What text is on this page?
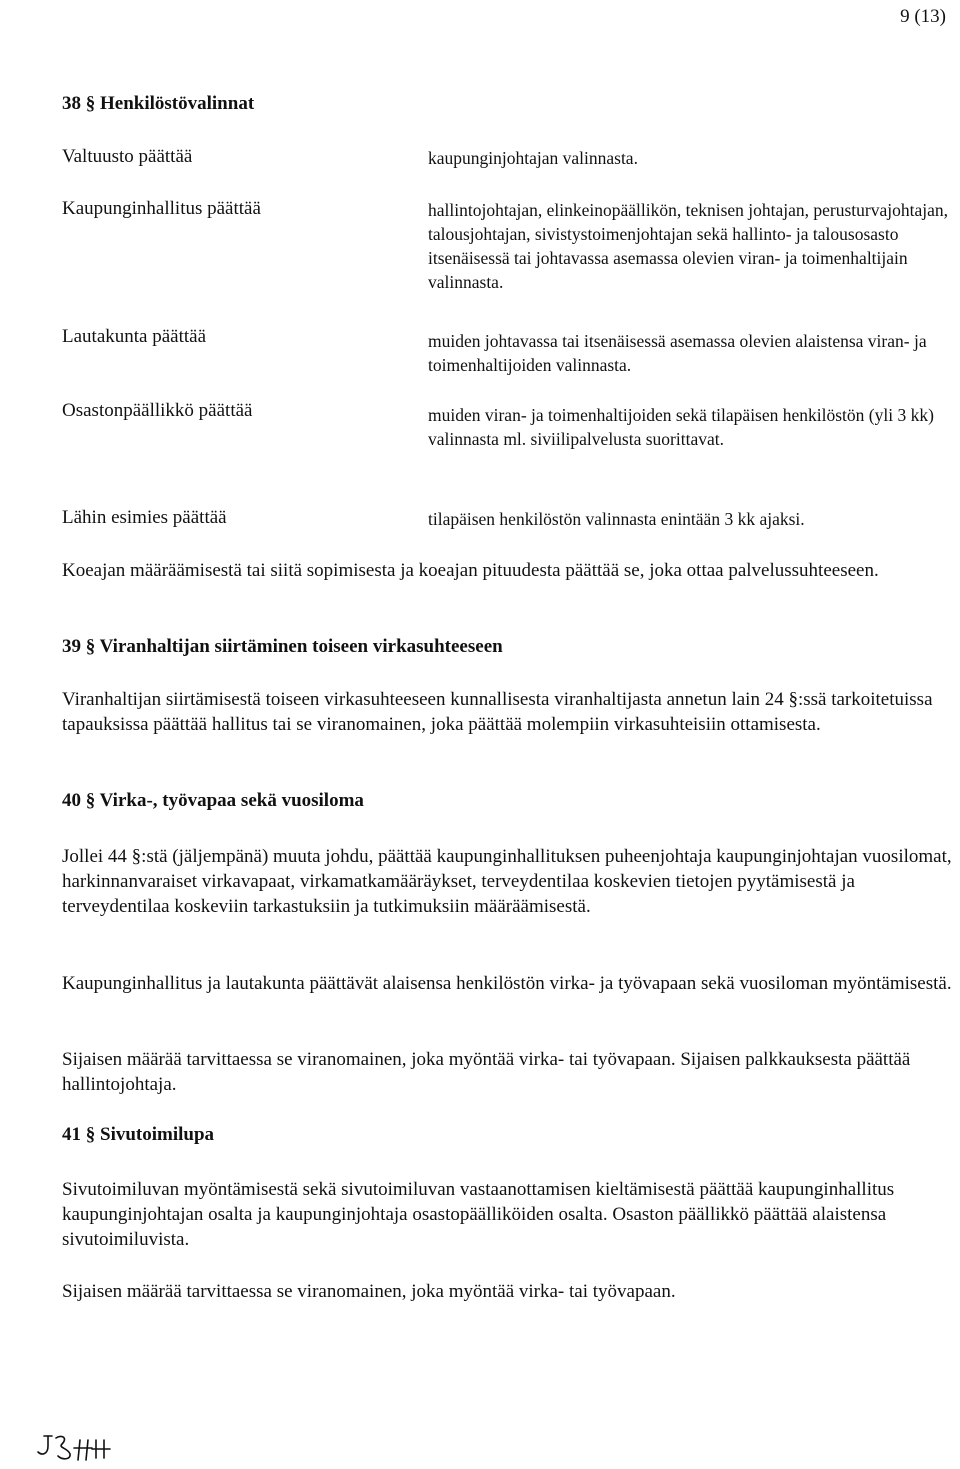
9 (13)
38 § Henkilöstövalinnat
Valtuusto päättää	kaupunginjohtajan valinnasta.
Kaupunginhallitus päättää	hallintojohtajan, elinkeinopäällikön, teknisen johtajan, perusturvajohtajan, talousjohtajan, sivistystoimenjohtajan sekä hallinto- ja talousosasto itsenäisessä tai johtavassa asemassa olevien viran- ja toimenhaltijain valinnasta.
Lautakunta päättää	muiden johtavassa tai itsenäisessä asemassa olevien alaistensa viran- ja toimenhaltijoiden valinnasta.
Osastonpäällikkö päättää	muiden viran- ja toimenhaltijoiden sekä tilapäisen henkilöstön (yli 3 kk) valinnasta ml. siviilipalvelusta suorittavat.
Lähin esimies päättää	tilapäisen henkilöstön valinnasta enintään 3 kk ajaksi.
Koeajan määräämisestä tai siitä sopimisesta ja koeajan pituudesta päättää se, joka ottaa palvelussuhteeseen.
39 § Viranhaltijan siirtäminen toiseen virkasuhteeseen
Viranhaltijan siirtämisestä toiseen virkasuhteeseen kunnallisesta viranhaltijasta annetun lain 24 §:ssä tarkoitetuissa tapauksissa päättää hallitus tai se viranomainen, joka päättää molempiin virkasuhteisiin ottamisesta.
40 § Virka-, työvapaa sekä vuosiloma
Jollei 44 §:stä (jäljempänä) muuta johdu, päättää kaupunginhallituksen puheenjohtaja kaupunginjohtajan vuosilomat, harkinnanvaraiset virkavapaat, virkamatkamääräykset, terveydentilaa koskevien tietojen pyytämisestä ja terveydentilaa koskeviin tarkastuksiin ja tutkimuksiin määräämisestä.
Kaupunginhallitus ja lautakunta päättävät alaisensa henkilöstön virka- ja työvapaan sekä vuosiloman myöntämisestä.
Sijaisen määrää tarvittaessa se viranomainen, joka myöntää virka- tai työvapaan. Sijaisen palkkauksesta päättää hallintojohtaja.
41 § Sivutoimilupa
Sivutoimiluvan myöntämisestä sekä sivutoimiluvan vastaanottamisen kieltämisestä päättää kaupunginhallitus kaupunginjohtajan osalta ja kaupunginjohtaja osastopäälliköiden osalta. Osaston päällikkö päättää alaistensa sivutoimiluvista.
Sijaisen määrää tarvittaessa se viranomainen, joka myöntää virka- tai työvapaan.
